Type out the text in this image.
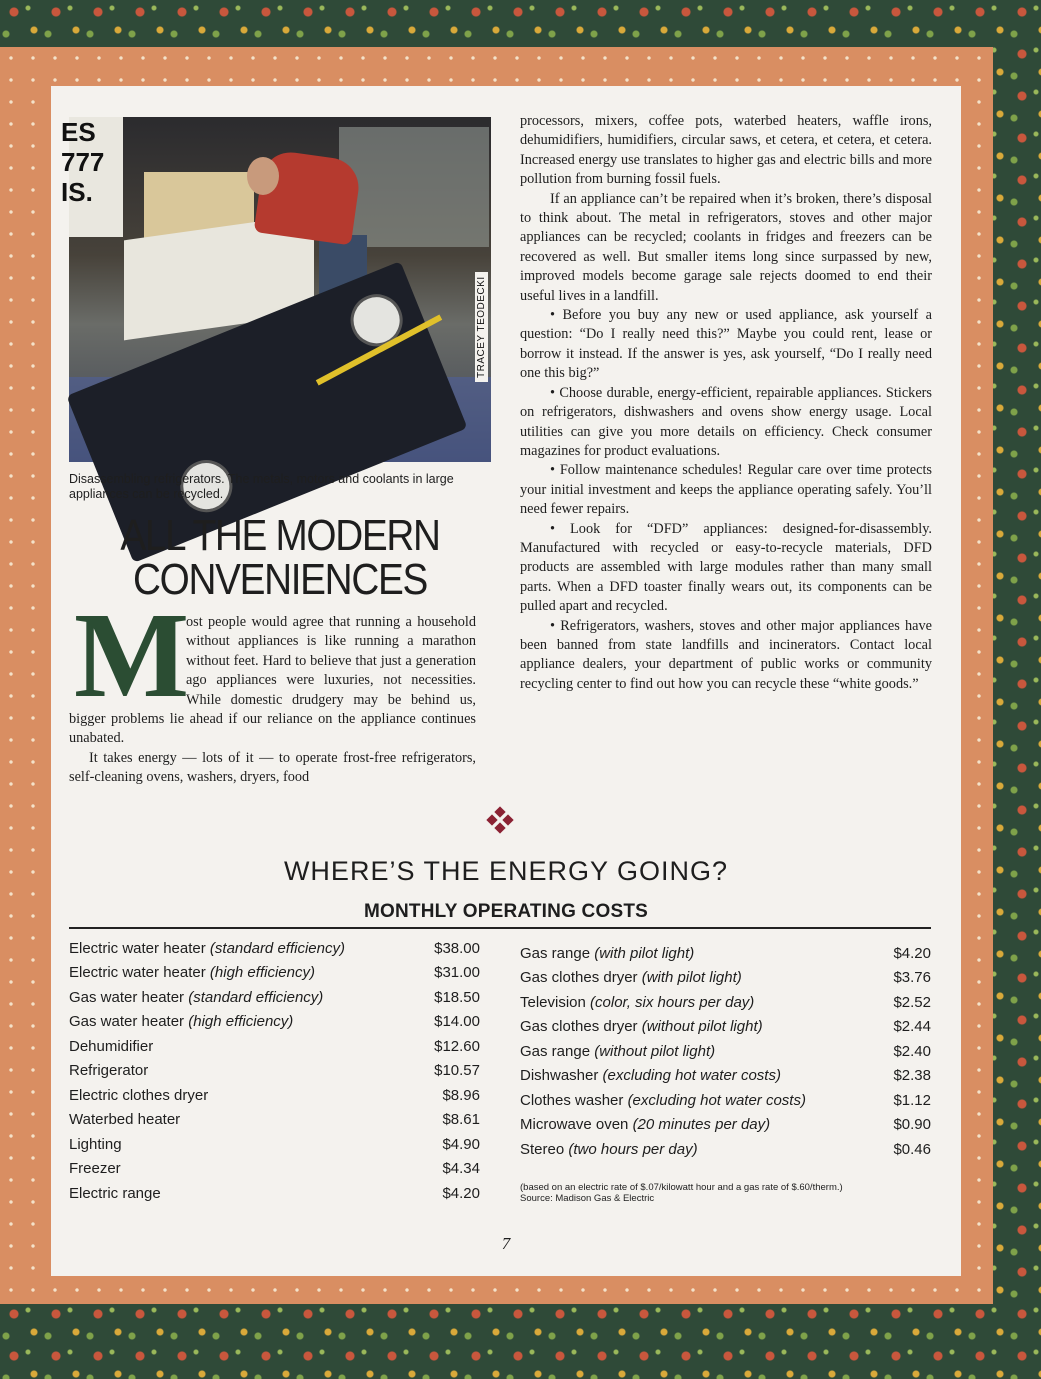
ES
777
IS.
TRACEY TEODECKI
Disassembling refrigerators. The metals, motors and coolants in large appliances can be recycled.
ALL THE MODERN
CONVENIENCES

ost people would agree that running a household without appliances is like running a marathon without feet. Hard to believe that just a generation ago appliances were luxuries, not necessities. While domestic drudgery may be behind us, bigger problems lie ahead if our reliance on the appliance continues unabated.

It takes energy — lots of it — to operate frost-free refrigerators, self-cleaning ovens, washers, dryers, food

M

processors, mixers, coffee pots, waterbed heaters, waffle irons, dehumidifiers, humidifiers, circular saws, et cetera, et cetera, et cetera. Increased energy use translates to higher gas and electric bills and more pollution from burning fossil fuels.

If an appliance can’t be repaired when it’s broken, there’s disposal to think about. The metal in refrigerators, stoves and other major appliances can be recycled; coolants in fridges and freezers can be recovered as well. But smaller items long since surpassed by new, improved models become garage sale rejects doomed to end their useful lives in a landfill.

• Before you buy any new or used appliance, ask yourself a question: “Do I really need this?” Maybe you could rent, lease or borrow it instead. If the answer is yes, ask yourself, “Do I really need one this big?”

• Choose durable, energy-efficient, repairable appliances. Stickers on refrigerators, dishwashers and ovens show energy usage. Local utilities can give you more details on efficiency. Check consumer magazines for product evaluations.

• Follow maintenance schedules! Regular care over time protects your initial investment and keeps the appliance operating safely. You’ll need fewer repairs.

• Look for “DFD” appliances: designed-for-disassembly. Manufactured with recycled or easy-to-recycle materials, DFD products are assembled with large modules rather than many small parts. When a DFD toaster finally wears out, its components can be pulled apart and recycled.

• Refrigerators, washers, stoves and other major appliances have been banned from state landfills and incinerators. Contact local appliance dealers, your department of public works or community recycling center to find out how you can recycle these “white goods.”

WHERE’S THE ENERGY GOING?
MONTHLY OPERATING COSTS
Electric water heater (standard efficiency)	$38.00
Electric water heater (high efficiency)	$31.00
Gas water heater (standard efficiency)	$18.50
Gas water heater (high efficiency)	$14.00
Dehumidifier	$12.60
Refrigerator	$10.57
Electric clothes dryer	$8.96
Waterbed heater	$8.61
Lighting	$4.90
Freezer	$4.34
Electric range	$4.20
Gas range (with pilot light)	$4.20
Gas clothes dryer (with pilot light)	$3.76
Television (color, six hours per day)	$2.52
Gas clothes dryer (without pilot light)	$2.44
Gas range (without pilot light)	$2.40
Dishwasher (excluding hot water costs)	$2.38
Clothes washer (excluding hot water costs)	$1.12
Microwave oven (20 minutes per day)	$0.90
Stereo (two hours per day)	$0.46
(based on an electric rate of $.07/kilowatt hour and a gas rate of $.60/therm.)
Source: Madison Gas & Electric
7
